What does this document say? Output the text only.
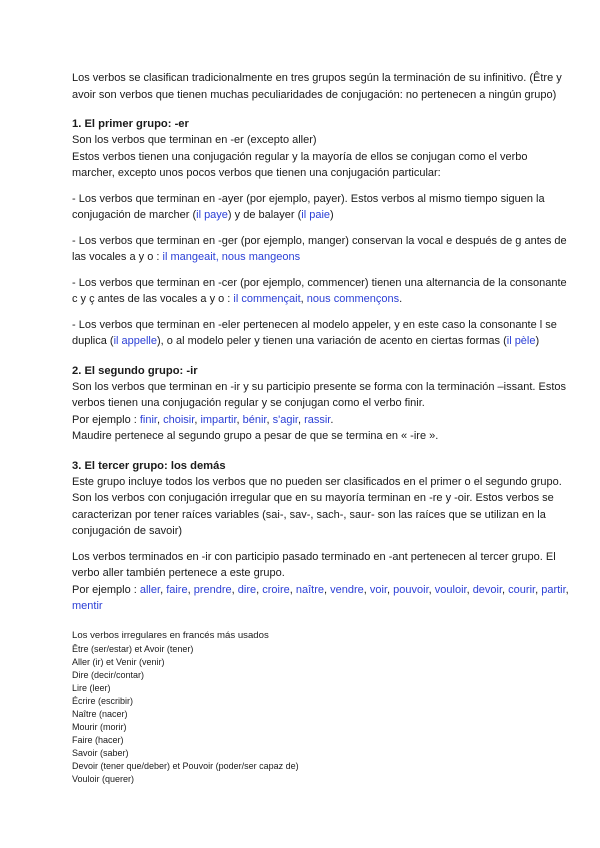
Los verbos se clasifican tradicionalmente en tres grupos según la terminación de su infinitivo. (Être y avoir son verbos que tienen muchas peculiaridades de conjugación: no pertenecen a ningún grupo)

1. El primer grupo: -er

Son los verbos que terminan en -er (excepto aller)

Estos verbos tienen una conjugación regular y la mayoría de ellos se conjugan como el verbo marcher, excepto unos pocos verbos que tienen una conjugación particular:

- Los verbos que terminan en -ayer (por ejemplo, payer). Estos verbos al mismo tiempo siguen la conjugación de marcher (il paye) y de balayer (il paie)

- Los verbos que terminan en -ger (por ejemplo, manger) conservan la vocal e después de g antes de las vocales a y o : il mangeait, nous mangeons

- Los verbos que terminan en -cer (por ejemplo, commencer) tienen una alternancia de la consonante c y ç antes de las vocales a y o : il commençait, nous commençons.

- Los verbos que terminan en -eler pertenecen al modelo appeler, y en este caso la consonante l se duplica (il appelle), o al modelo peler y tienen una variación de acento en ciertas formas (il pèle)

2. El segundo grupo: -ir

Son los verbos que terminan en -ir y su participio presente se forma con la terminación –issant. Estos verbos tienen una conjugación regular y se conjugan como el verbo finir.

Por ejemplo : finir, choisir, impartir, bénir, s'agir, rassir.

Maudire pertenece al segundo grupo a pesar de que se termina en « -ire ».

3. El tercer grupo: los demás

Este grupo incluye todos los verbos que no pueden ser clasificados en el primer o el segundo grupo. Son los verbos con conjugación irregular que en su mayoría terminan en -re y -oir. Estos verbos se caracterizan por tener raíces variables (sai-, sav-, sach-, saur- son las raíces que se utilizan en la conjugación de savoir)

Los verbos terminados en -ir con participio pasado terminado en -ant pertenecen al tercer grupo. El verbo aller también pertenece a este grupo.

Por ejemplo : aller, faire, prendre, dire, croire, naître, vendre, voir, pouvoir, vouloir, devoir, courir, partir, mentir

Los verbos irregulares en francés más usados

Être (ser/estar) et Avoir (tener)

Aller (ir) et Venir (venir)

Dire (decir/contar)

Lire (leer)

Écrire (escribir)

Naître (nacer)

Mourir (morir)

Faire (hacer)

Savoir (saber)

Devoir (tener que/deber) et Pouvoir (poder/ser capaz de)

Vouloir (querer)
